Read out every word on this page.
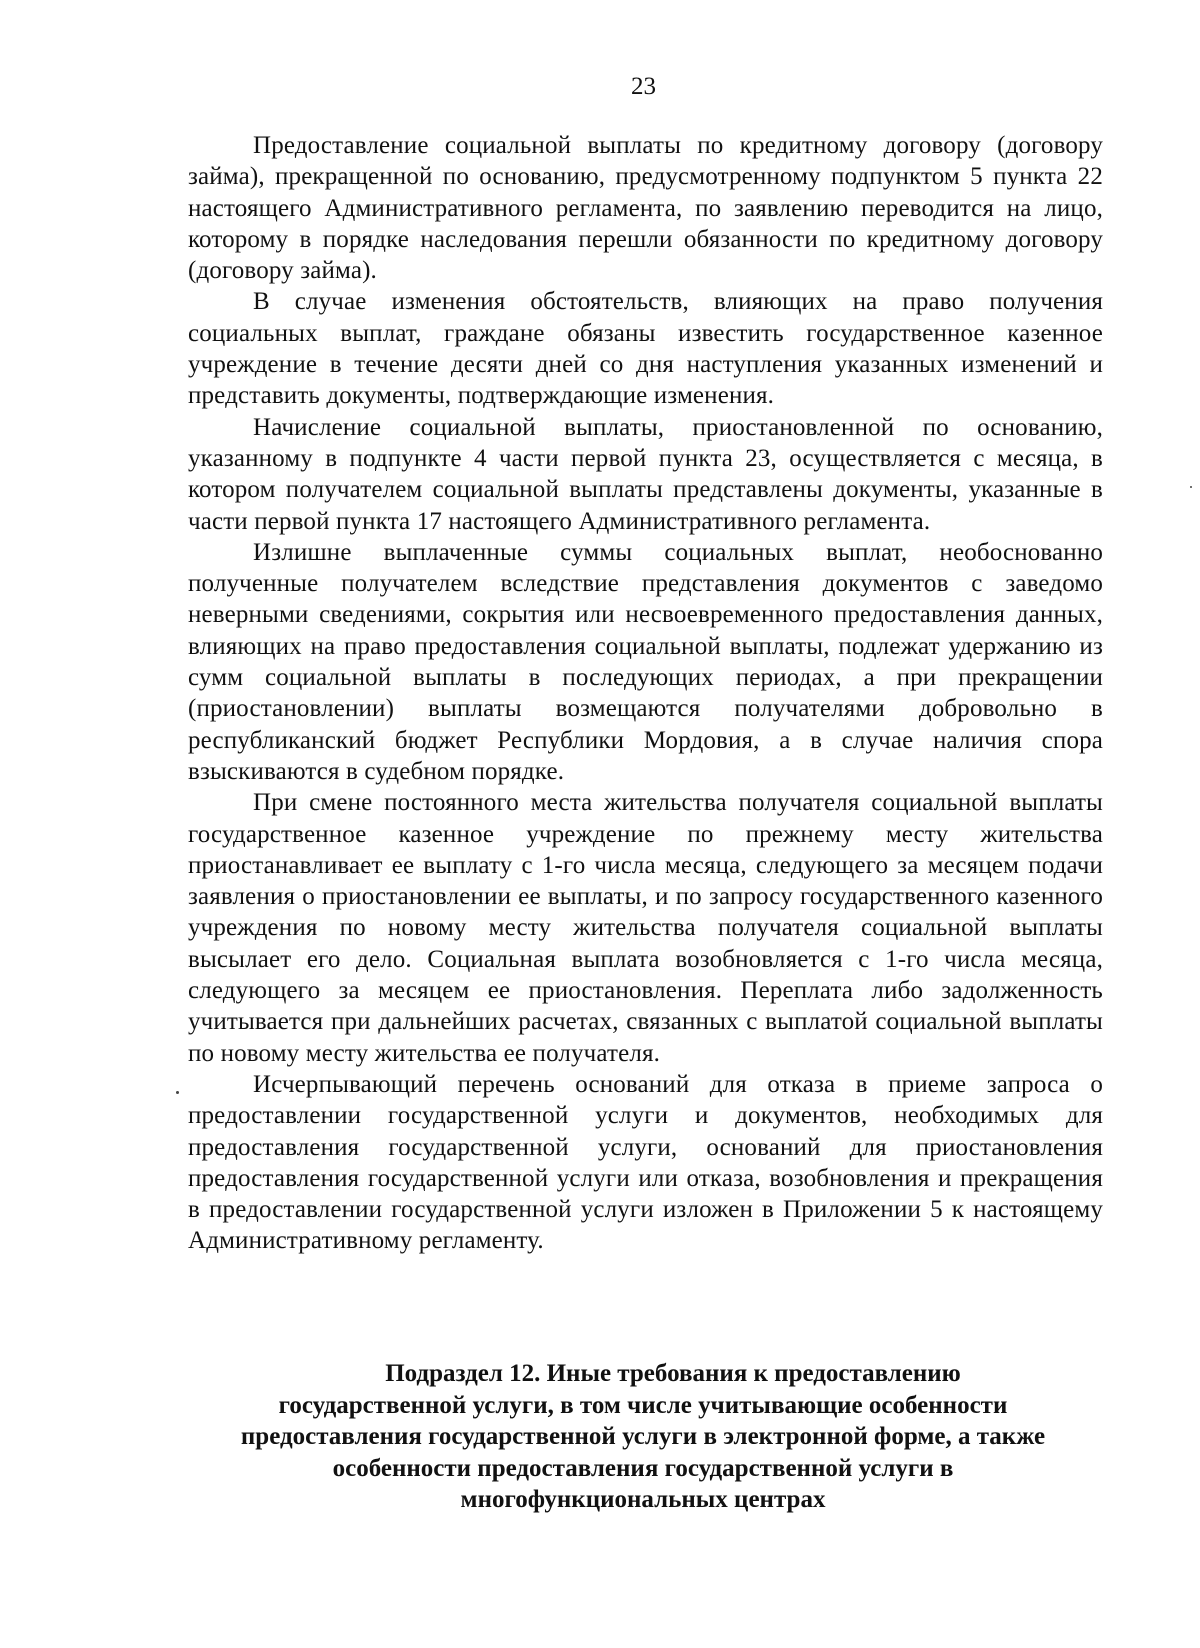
23

Предоставление социальной выплаты по кредитному договору (договору займа), прекращенной по основанию, предусмотренному подпунктом 5 пункта 22 настоящего Административного регламента, по заявлению переводится на лицо, которому в порядке наследования перешли обязанности по кредитному договору (договору займа).

В случае изменения обстоятельств, влияющих на право получения социальных выплат, граждане обязаны известить государственное казенное учреждение в течение десяти дней со дня наступления указанных изменений и представить документы, подтверждающие изменения.

Начисление социальной выплаты, приостановленной по основанию, указанному в подпункте 4 части первой пункта 23, осуществляется с месяца, в котором получателем социальной выплаты представлены документы, указанные в части первой пункта 17 настоящего Административного регламента.

Излишне выплаченные суммы социальных выплат, необоснованно полученные получателем вследствие представления документов с заведомо неверными сведениями, сокрытия или несвоевременного предоставления данных, влияющих на право предоставления социальной выплаты, подлежат удержанию из сумм социальной выплаты в последующих периодах, а при прекращении (приостановлении) выплаты возмещаются получателями добровольно в республиканский бюджет Республики Мордовия, а в случае наличия спора взыскиваются в судебном порядке.

При смене постоянного места жительства получателя социальной выплаты государственное казенное учреждение по прежнему месту жительства приостанавливает ее выплату с 1-го числа месяца, следующего за месяцем подачи заявления о приостановлении ее выплаты, и по запросу государственного казенного учреждения по новому месту жительства получателя социальной выплаты высылает его дело. Социальная выплата возобновляется с 1-го числа месяца, следующего за месяцем ее приостановления. Переплата либо задолженность учитывается при дальнейших расчетах, связанных с выплатой социальной выплаты по новому месту жительства ее получателя.

Исчерпывающий перечень оснований для отказа в приеме запроса о предоставлении государственной услуги и документов, необходимых для предоставления государственной услуги, оснований для приостановления предоставления государственной услуги или отказа, возобновления и прекращения в предоставлении государственной услуги изложен в Приложении 5 к настоящему Административному регламенту.

Подраздел 12. Иные требования к предоставлению
государственной услуги, в том числе учитывающие особенности
предоставления государственной услуги в электронной форме, а также
особенности предоставления государственной услуги в
многофункциональных центрах
